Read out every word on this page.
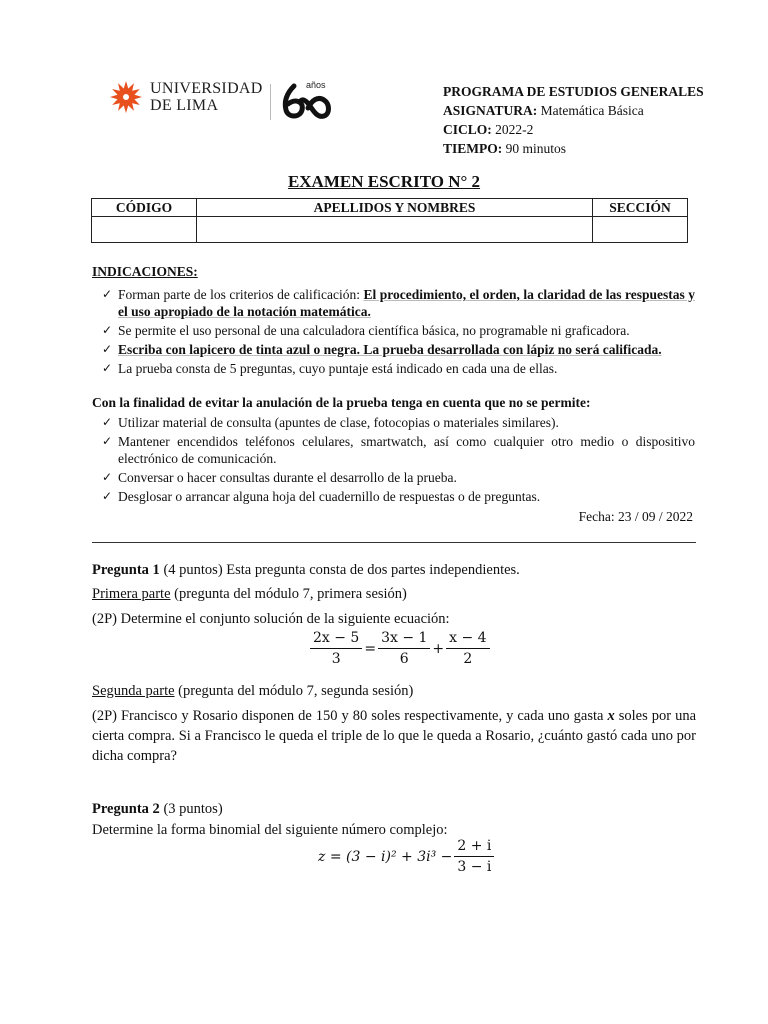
UNIVERSIDAD
DE LIMA
años	PROGRAMA DE ESTUDIOS GENERALES
ASIGNATURA: Matemática Básica
CICLO: 2022-2
TIEMPO: 90 minutos
EXAMEN ESCRITO N° 2
CÓDIGO	APELLIDOS Y NOMBRES	SECCIÓN

INDICACIONES:
✓ Forman parte de los criterios de calificación: El procedimiento, el orden, la claridad de las respuestas y el uso apropiado de la notación matemática.
✓ Se permite el uso personal de una calculadora científica básica, no programable ni graficadora.
✓ Escriba con lapicero de tinta azul o negra. La prueba desarrollada con lápiz no será calificada.
✓ La prueba consta de 5 preguntas, cuyo puntaje está indicado en cada una de ellas.
Con la finalidad de evitar la anulación de la prueba tenga en cuenta que no se permite:
✓ Utilizar material de consulta (apuntes de clase, fotocopias o materiales similares).
✓ Mantener encendidos teléfonos celulares, smartwatch, así como cualquier otro medio o dispositivo electrónico de comunicación.
✓ Conversar o hacer consultas durante el desarrollo de la prueba.
✓ Desglosar o arrancar alguna hoja del cuadernillo de respuestas o de preguntas.
Fecha: 23 / 09 / 2022
Pregunta 1 (4 puntos) Esta pregunta consta de dos partes independientes.
Primera parte (pregunta del módulo 7, primera sesión)
(2P) Determine el conjunto solución de la siguiente ecuación:
$\frac{2x - 5}{3} = \frac{3x - 1}{6} + \frac{x - 4}{2}$
Segunda parte (pregunta del módulo 7, segunda sesión)
(2P) Francisco y Rosario disponen de 150 y 80 soles respectivamente, y cada uno gasta x soles por una cierta compra. Si a Francisco le queda el triple de lo que le queda a Rosario, ¿cuánto gastó cada uno por dicha compra?
Pregunta 2 (3 puntos)
Determine la forma binomial del siguiente número complejo:
$z = (3 - i)^2 + 3i^3 - \frac{2 + i}{3 - i}$
